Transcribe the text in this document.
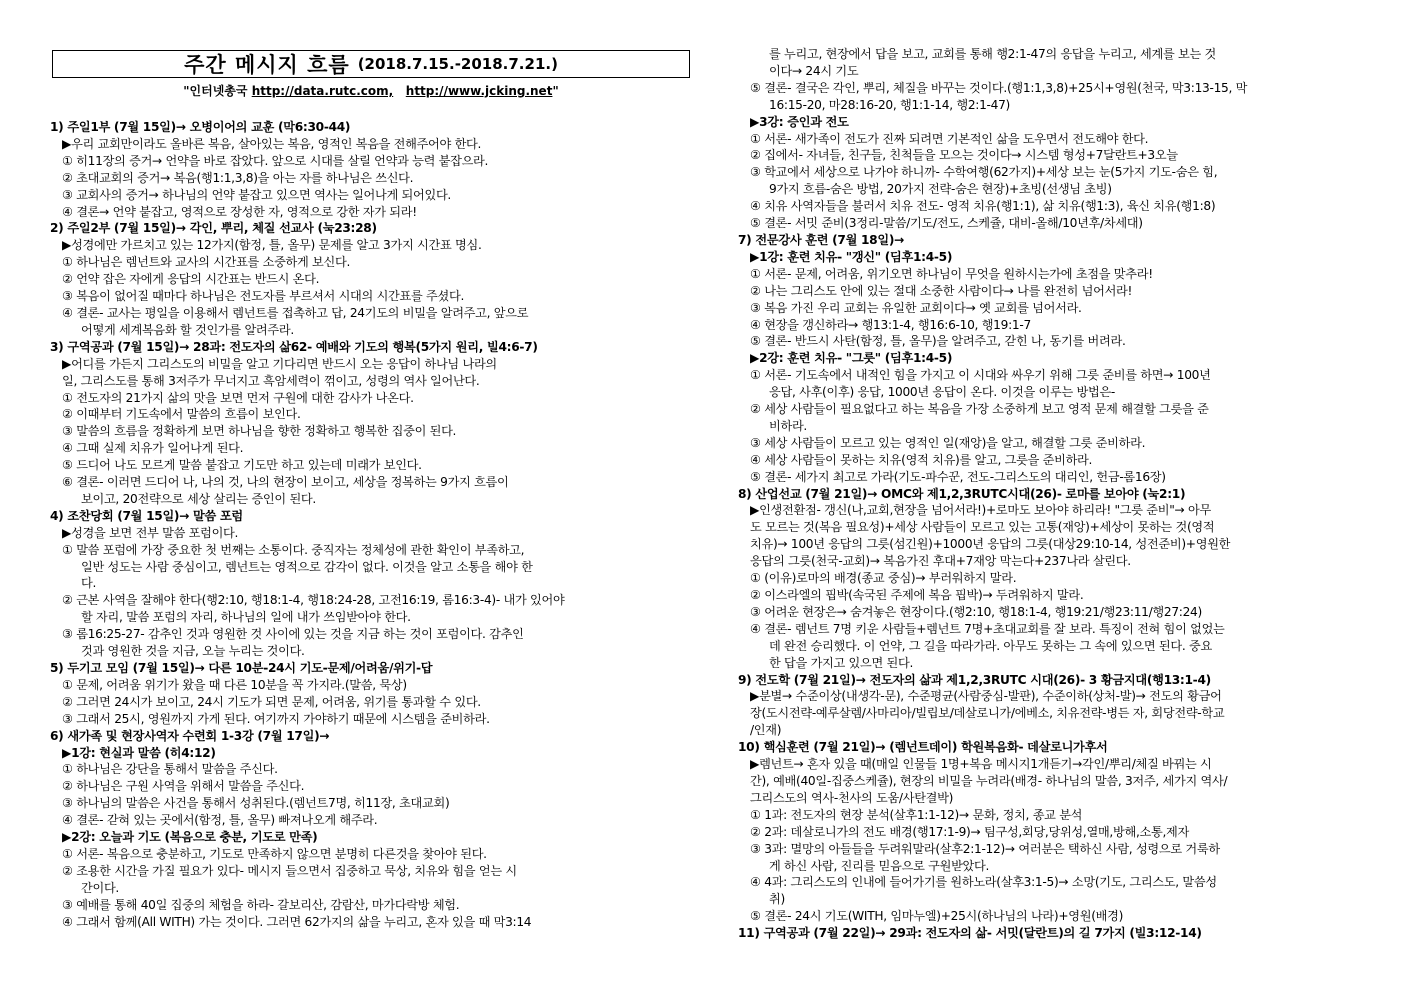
주간 메시지 흐름 (2018.7.15.-2018.7.21.)
"인터넷총국 http://data.rutc.com, http://www.jcking.net"
1) 주일1부 (7월 15일)→ 오병이어의 교훈 (막6:30-44)
▶우리 교회만이라도 올바른 복음, 살아있는 복음, 영적인 복음을 전해주어야 한다.
① 히11장의 증거→ 언약을 바로 잡았다. 앞으로 시대를 살릴 언약과 능력 붙잡으라.
② 초대교회의 증거→ 복음(행1:1,3,8)을 아는 자를 하나님은 쓰신다.
③ 교회사의 증거→ 하나님의 언약 붙잡고 있으면 역사는 일어나게 되어있다.
④ 결론→ 언약 붙잡고, 영적으로 장성한 자, 영적으로 강한 자가 되라!
2) 주일2부 (7월 15일)→ 각인, 뿌리, 체질 선교사 (눅23:28)
▶성경에만 가르치고 있는 12가지(함정, 틀, 올무) 문제를 알고 3가지 시간표 명심.
① 하나님은 렘넌트와 교사의 시간표를 소중하게 보신다.
② 언약 잡은 자에게 응답의 시간표는 반드시 온다.
③ 복음이 없어질 때마다 하나님은 전도자를 부르셔서 시대의 시간표를 주셨다.
④ 결론- 교사는 평일을 이용해서 렘넌트를 접촉하고 답, 24기도의 비밀을 알려주고, 앞으로
어떻게 세계복음화 할 것인가를 알려주라.
3) 구역공과 (7월 15일)→ 28과: 전도자의 삶62- 예배와 기도의 행복(5가지 원리, 빌4:6-7)
▶어디를 가든지 그리스도의 비밀을 알고 기다리면 반드시 오는 응답이 하나님 나라의
일, 그리스도를 통해 3저주가 무너지고 흑암세력이 꺾이고, 성령의 역사 일어난다.
① 전도자의 21가지 삶의 맛을 보면 먼저 구원에 대한 감사가 나온다.
② 이때부터 기도속에서 말씀의 흐름이 보인다.
③ 말씀의 흐름을 정확하게 보면 하나님을 향한 정확하고 행복한 집중이 된다.
④ 그때 실제 치유가 일어나게 된다.
⑤ 드디어 나도 모르게 말씀 붙잡고 기도만 하고 있는데 미래가 보인다.
⑥ 결론- 이러면 드디어 나, 나의 것, 나의 현장이 보이고, 세상을 정복하는 9가지 흐름이
보이고, 20전략으로 세상 살리는 증인이 된다.
4) 조찬당회 (7월 15일)→ 말씀 포럼
▶성경을 보면 전부 말씀 포럼이다.
① 말씀 포럼에 가장 중요한 첫 번째는 소통이다. 중직자는 정체성에 관한 확인이 부족하고,
일반 성도는 사람 중심이고, 렘넌트는 영적으로 감각이 없다. 이것을 알고 소통을 해야 한
다.
② 근본 사역을 잘해야 한다(행2:10, 행18:1-4, 행18:24-28, 고전16:19, 롬16:3-4)- 내가 있어야
할 자리, 말씀 포럼의 자리, 하나님의 일에 내가 쓰임받아야 한다.
③ 롬16:25-27- 감추인 것과 영원한 것 사이에 있는 것을 지금 하는 것이 포럼이다. 감추인
것과 영원한 것을 지금, 오늘 누리는 것이다.
5) 두기고 모임 (7월 15일)→ 다른 10분-24시 기도-문제/어려움/위기-답
① 문제, 어려움 위기가 왔을 때 다른 10분을 꼭 가지라.(말씀, 묵상)
② 그러면 24시가 보이고, 24시 기도가 되면 문제, 어려움, 위기를 통과할 수 있다.
③ 그래서 25시, 영원까지 가게 된다. 여기까지 가야하기 때문에 시스템을 준비하라.
6) 새가족 및 현장사역자 수련회 1-3강 (7월 17일)→
▶1강: 현실과 말씀 (히4:12)
① 하나님은 강단을 통해서 말씀을 주신다.
② 하나님은 구원 사역을 위해서 말씀을 주신다.
③ 하나님의 말씀은 사건을 통해서 성취된다.(렘넌트7명, 히11장, 초대교회)
④ 결론- 갇혀 있는 곳에서(함정, 틀, 올무) 빠져나오게 해주라.
▶2강: 오늘과 기도 (복음으로 충분, 기도로 만족)
① 서론- 복음으로 충분하고, 기도로 만족하지 않으면 분명히 다른것을 찾아야 된다.
② 조용한 시간을 가질 필요가 있다- 메시지 들으면서 집중하고 묵상, 치유와 힘을 얻는 시
간이다.
③ 예배를 통해 40일 집중의 체험을 하라- 갈보리산, 감람산, 마가다락방 체험.
④ 그래서 함께(All WITH) 가는 것이다. 그러면 62가지의 삶을 누리고, 혼자 있을 때 막3:14
를 누리고, 현장에서 답을 보고, 교회를 통해 행2:1-47의 응답을 누리고, 세계를 보는 것
이다→ 24시 기도
⑤ 결론- 결국은 각인, 뿌리, 체질을 바꾸는 것이다.(행1:1,3,8)+25시+영원(천국, 막3:13-15, 막
16:15-20, 마28:16-20, 행1:1-14, 행2:1-47)
▶3강: 증인과 전도
① 서론- 새가족이 전도가 진짜 되려면 기본적인 삶을 도우면서 전도해야 한다.
② 집에서- 자녀들, 친구들, 친척들을 모으는 것이다→ 시스템 형성+7달란트+3오늘
③ 학교에서 세상으로 나가야 하니까- 수학여행(62가지)+세상 보는 눈(5가지 기도-숨은 힘,
9가지 흐름-숨은 방법, 20가지 전략-숨은 현장)+초빙(선생님 초빙)
④ 치유 사역자들을 불러서 치유 전도- 영적 치유(행1:1), 삶 치유(행1:3), 육신 치유(행1:8)
⑤ 결론- 서밋 준비(3정리-말씀/기도/전도, 스케쥴, 대비-올해/10년후/차세대)
7) 전문강사 훈련 (7월 18일)→
▶1강: 훈련 치유- "갱신" (딤후1:4-5)
① 서론- 문제, 어려움, 위기오면 하나님이 무엇을 원하시는가에 초점을 맞추라!
② 나는 그리스도 안에 있는 절대 소중한 사람이다→ 나를 완전히 넘어서라!
③ 복음 가진 우리 교회는 유일한 교회이다→ 옛 교회를 넘어서라.
④ 현장을 갱신하라→ 행13:1-4, 행16:6-10, 행19:1-7
⑤ 결론- 반드시 사탄(함정, 틀, 올무)을 알려주고, 갇힌 나, 동기를 버려라.
▶2강: 훈련 치유- "그릇" (딤후1:4-5)
① 서론- 기도속에서 내적인 힘을 가지고 이 시대와 싸우기 위해 그릇 준비를 하면→ 100년
응답, 사후(이후) 응답, 1000년 응답이 온다. 이것을 이루는 방법은-
② 세상 사람들이 필요없다고 하는 복음을 가장 소중하게 보고 영적 문제 해결할 그릇을 준
비하라.
③ 세상 사람들이 모르고 있는 영적인 일(재앙)을 알고, 해결할 그릇 준비하라.
④ 세상 사람들이 못하는 치유(영적 치유)를 알고, 그릇을 준비하라.
⑤ 결론- 세가지 최고로 가라(기도-파수꾼, 전도-그리스도의 대리인, 헌금-롬16장)
8) 산업선교 (7월 21일)→ OMC와 제1,2,3RUTC시대(26)- 로마를 보아야 (눅2:1)
▶인생전환점- 갱신(나,교회,현장을 넘어서라!)+로마도 보아야 하리라! "그릇 준비"→ 아무
도 모르는 것(복음 필요성)+세상 사람들이 모르고 있는 고통(재앙)+세상이 못하는 것(영적
치유)→ 100년 응답의 그릇(섬긴원)+1000년 응답의 그릇(대상29:10-14, 성전준비)+영원한
응답의 그릇(천국-교회)→ 복음가진 후대+7재앙 막는다+237나라 살린다.
① (이유)로마의 배경(종교 중심)→ 부러워하지 말라.
② 이스라엘의 핍박(속국된 주제에 복음 핍박)→ 두려워하지 말라.
③ 어려운 현장은→ 숨겨놓은 현장이다.(행2:10, 행18:1-4, 행19:21/행23:11/행27:24)
④ 결론- 렘넌트 7명 키운 사람들+렘넌트 7명+초대교회를 잘 보라. 특징이 전혀 힘이 없었는
데 완전 승리했다. 이 언약, 그 길을 따라가라. 아무도 못하는 그 속에 있으면 된다. 중요
한 답을 가지고 있으면 된다.
9) 전도학 (7월 21일)→ 전도자의 삶과 제1,2,3RUTC 시대(26)- 3 황금지대(행13:1-4)
▶분별→ 수준이상(내생각-문), 수준평균(사람중심-발판), 수준이하(상처-발)→ 전도의 황금어
장(도시전략-예루살렘/사마리아/빌립보/데살로니가/에베소, 치유전략-병든 자, 회당전략-학교
/인재)
10) 핵심훈련 (7월 21일)→ (렘넌트데이) 학원복음화- 데살로니가후서
▶렘넌트→ 혼자 있을 때(매일 인물들 1명+복음 메시지1개듣기→각인/뿌리/체질 바꿔는 시
간), 예배(40일-집중스케쥴), 현장의 비밀을 누려라(배경- 하나님의 말씀, 3저주, 세가지 역사/
그리스도의 역사-천사의 도움/사탄결박)
① 1과: 전도자의 현장 분석(살후1:1-12)→ 문화, 정치, 종교 분석
② 2과: 데살로니가의 전도 배경(행17:1-9)→ 팀구성,회당,당위성,열매,방해,소통,제자
③ 3과: 멸망의 아들들을 두려워말라(살후2:1-12)→ 여러분은 택하신 사람, 성령으로 거룩하
게 하신 사람, 진리를 믿음으로 구원받았다.
④ 4과: 그리스도의 인내에 들어가기를 원하노라(살후3:1-5)→ 소망(기도, 그리스도, 말씀성
취)
⑤ 결론- 24시 기도(WITH, 임마누엘)+25시(하나님의 나라)+영원(배경)
11) 구역공과 (7월 22일)→ 29과: 전도자의 삶- 서밋(달란트)의 길 7가지 (빌3:12-14)
